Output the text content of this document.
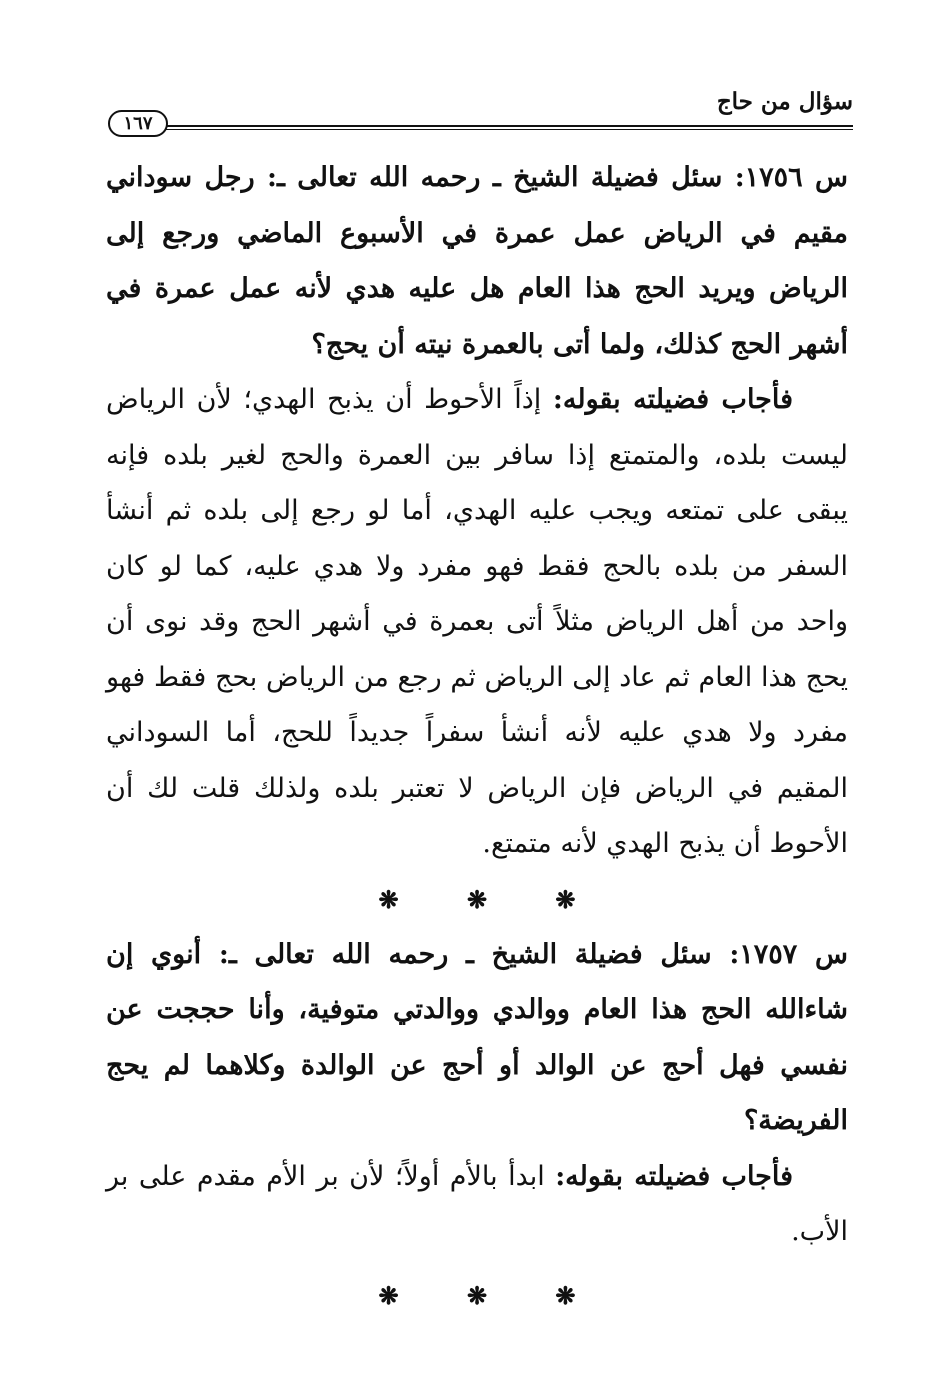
سؤال من حاج
١٦٧

س ١٧٥٦: سئل فضيلة الشيخ ـ رحمه الله تعالى ـ: رجل سوداني مقيم في الرياض عمل عمرة في الأسبوع الماضي ورجع إلى الرياض ويريد الحج هذا العام هل عليه هدي لأنه عمل عمرة في أشهر الحج كذلك، ولما أتى بالعمرة نيته أن يحج؟

فأجاب فضيلته بقوله: إذاً الأحوط أن يذبح الهدي؛ لأن الرياض ليست بلده، والمتمتع إذا سافر بين العمرة والحج لغير بلده فإنه يبقى على تمتعه ويجب عليه الهدي، أما لو رجع إلى بلده ثم أنشأ السفر من بلده بالحج فقط فهو مفرد ولا هدي عليه، كما لو كان واحد من أهل الرياض مثلاً أتى بعمرة في أشهر الحج وقد نوى أن يحج هذا العام ثم عاد إلى الرياض ثم رجع من الرياض بحج فقط فهو مفرد ولا هدي عليه لأنه أنشأ سفراً جديداً للحج، أما السوداني المقيم في الرياض فإن الرياض لا تعتبر بلده ولذلك قلت لك أن الأحوط أن يذبح الهدي لأنه متمتع.

❋	❋	❋

س ١٧٥٧: سئل فضيلة الشيخ ـ رحمه الله تعالى ـ: أنوي إن شاءالله الحج هذا العام ووالدي ووالدتي متوفية، وأنا حججت عن نفسي فهل أحج عن الوالد أو أحج عن الوالدة وكلاهما لم يحج الفريضة؟

فأجاب فضيلته بقوله: ابدأ بالأم أولاً؛ لأن بر الأم مقدم على بر الأب.

❋	❋	❋
